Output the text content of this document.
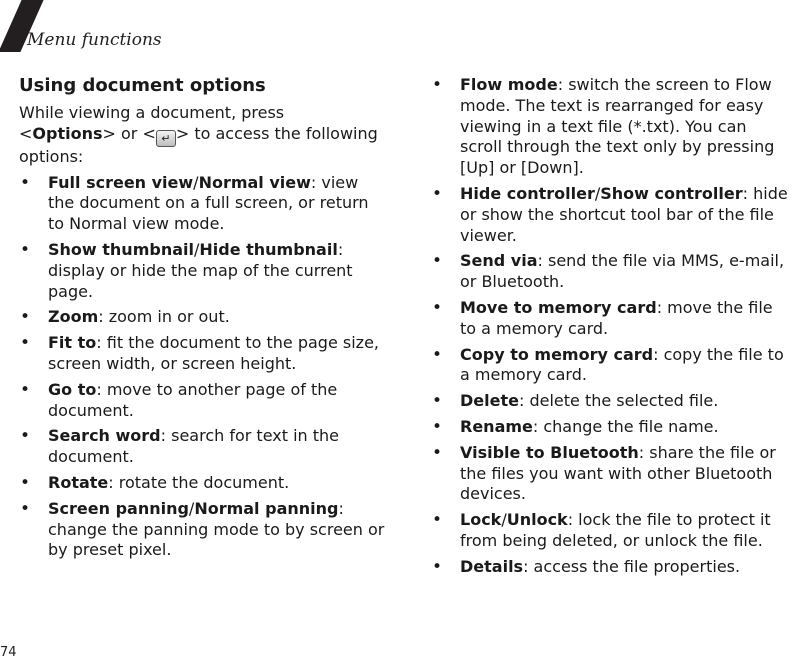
Menu functions
Using document options
While viewing a document, press <Options> or < ↵ > to access the following options:
• Full screen view/Normal view: view the document on a full screen, or return to Normal view mode.
• Show thumbnail/Hide thumbnail: display or hide the map of the current page.
• Zoom: zoom in or out.
• Fit to: fit the document to the page size, screen width, or screen height.
• Go to: move to another page of the document.
• Search word: search for text in the document.
• Rotate: rotate the document.
• Screen panning/Normal panning: change the panning mode to by screen or by preset pixel.
• Flow mode: switch the screen to Flow mode. The text is rearranged for easy viewing in a text file (*.txt). You can scroll through the text only by pressing [Up] or [Down].
• Hide controller/Show controller: hide or show the shortcut tool bar of the file viewer.
• Send via: send the file via MMS, e-mail, or Bluetooth.
• Move to memory card: move the file to a memory card.
• Copy to memory card: copy the file to a memory card.
• Delete: delete the selected file.
• Rename: change the file name.
• Visible to Bluetooth: share the file or the files you want with other Bluetooth devices.
• Lock/Unlock: lock the file to protect it from being deleted, or unlock the file.
• Details: access the file properties.
74
